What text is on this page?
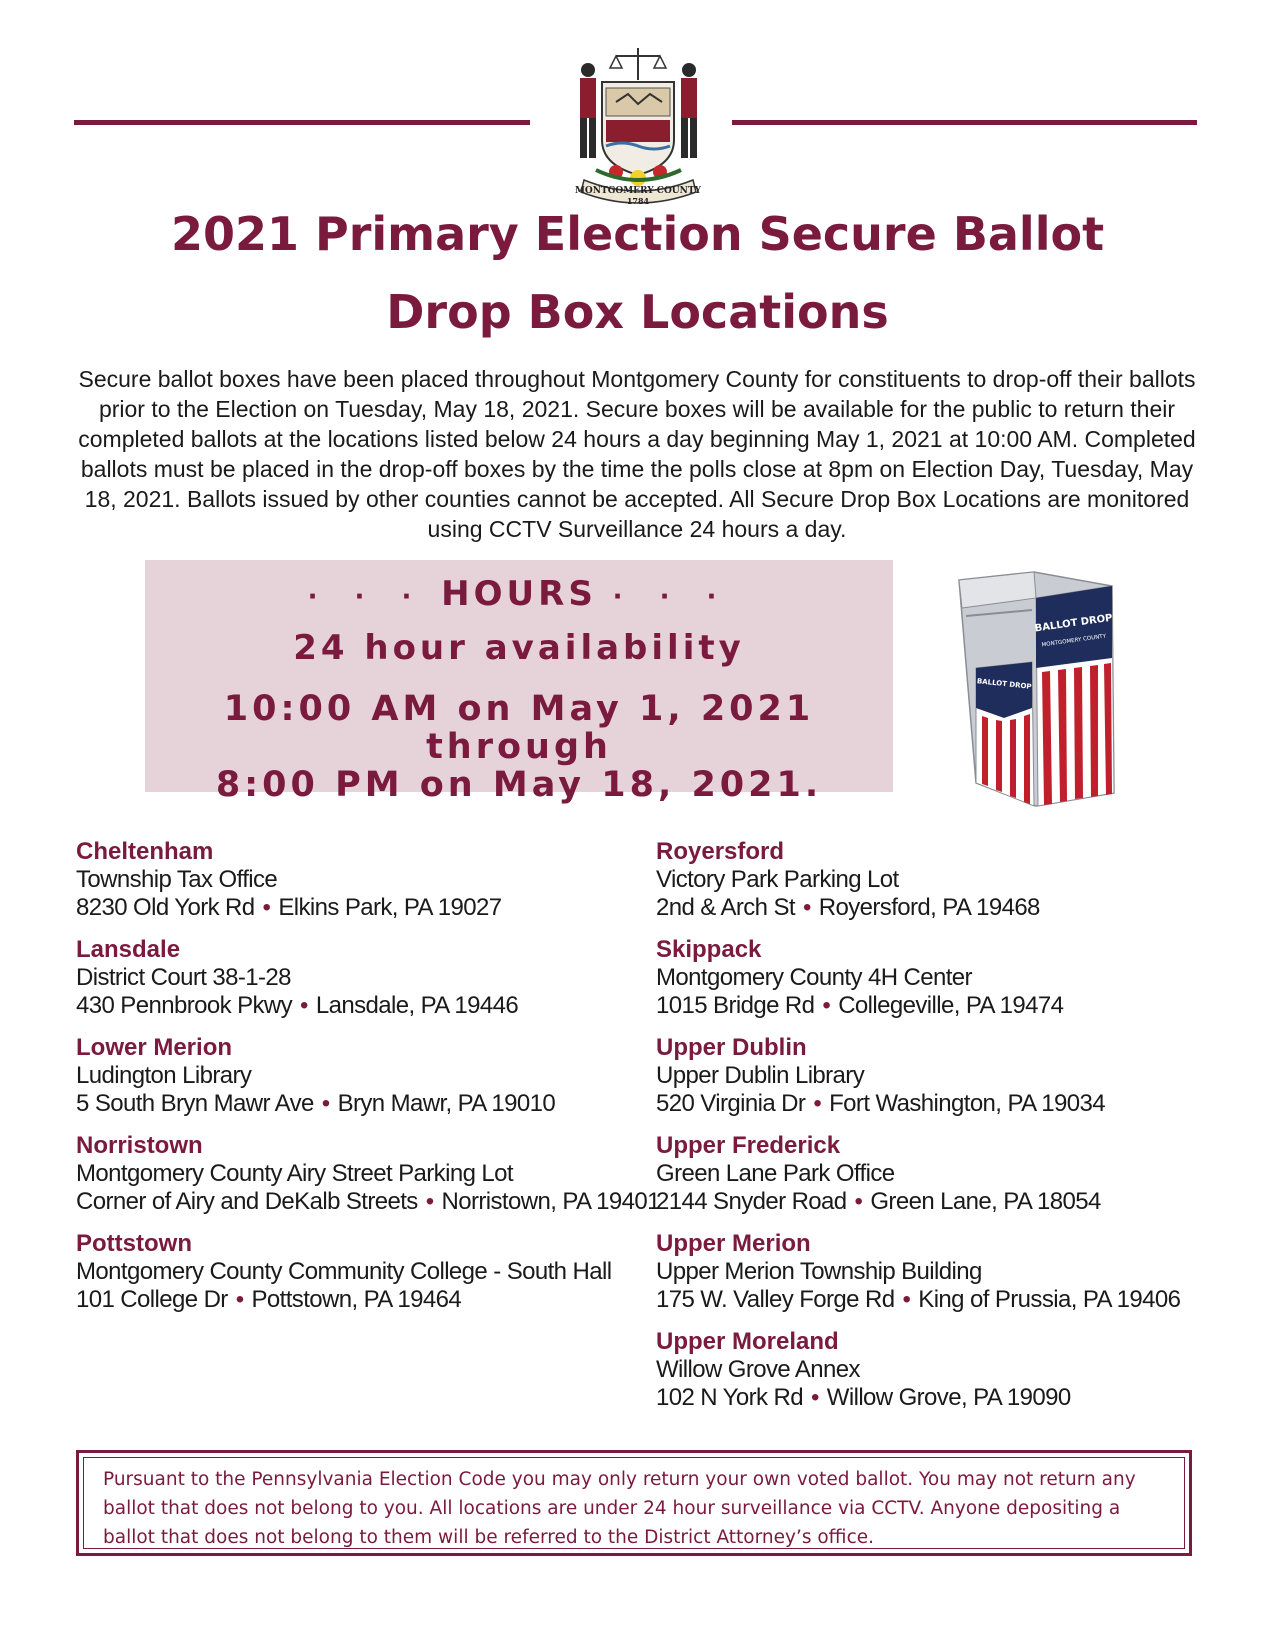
MONTGOMERY COUNTY
1784
2021 Primary Election Secure Ballot
Drop Box Locations

Secure ballot boxes have been placed throughout Montgomery County for constituents to drop-off their ballots prior to the Election on Tuesday, May 18, 2021. Secure boxes will be available for the public to return their completed ballots at the locations listed below 24 hours a day beginning May 1, 2021 at 10:00 AM. Completed ballots must be placed in the drop-off boxes by the time the polls close at 8pm on Election Day, Tuesday, May 18, 2021. Ballots issued by other counties cannot be accepted. All Secure Drop Box Locations are monitored using CCTV Surveillance 24 hours a day.

· · · HOURS · · ·
24 hour availability
10:00 AM on May 1, 2021 through
8:00 PM on May 18, 2021.
BALLOT DROP
MONTGOMERY COUNTY
BALLOT DROP
Cheltenham
Township Tax Office
8230 Old York Rd • Elkins Park, PA 19027
Lansdale
District Court 38-1-28
430 Pennbrook Pkwy • Lansdale, PA 19446
Lower Merion
Ludington Library
5 South Bryn Mawr Ave • Bryn Mawr, PA 19010
Norristown
Montgomery County Airy Street Parking Lot
Corner of Airy and DeKalb Streets • Norristown, PA 19401
Pottstown
Montgomery County Community College - South Hall
101 College Dr • Pottstown, PA 19464
Royersford
Victory Park Parking Lot
2nd & Arch St • Royersford, PA 19468
Skippack
Montgomery County 4H Center
1015 Bridge Rd • Collegeville, PA 19474
Upper Dublin
Upper Dublin Library
520 Virginia Dr • Fort Washington, PA 19034
Upper Frederick
Green Lane Park Office
2144 Snyder Road • Green Lane, PA 18054
Upper Merion
Upper Merion Township Building
175 W. Valley Forge Rd • King of Prussia, PA 19406
Upper Moreland
Willow Grove Annex
102 N York Rd • Willow Grove, PA 19090

Pursuant to the Pennsylvania Election Code you may only return your own voted ballot. You may not return any ballot that does not belong to you. All locations are under 24 hour surveillance via CCTV. Anyone depositing a ballot that does not belong to them will be referred to the District Attorney’s office.
